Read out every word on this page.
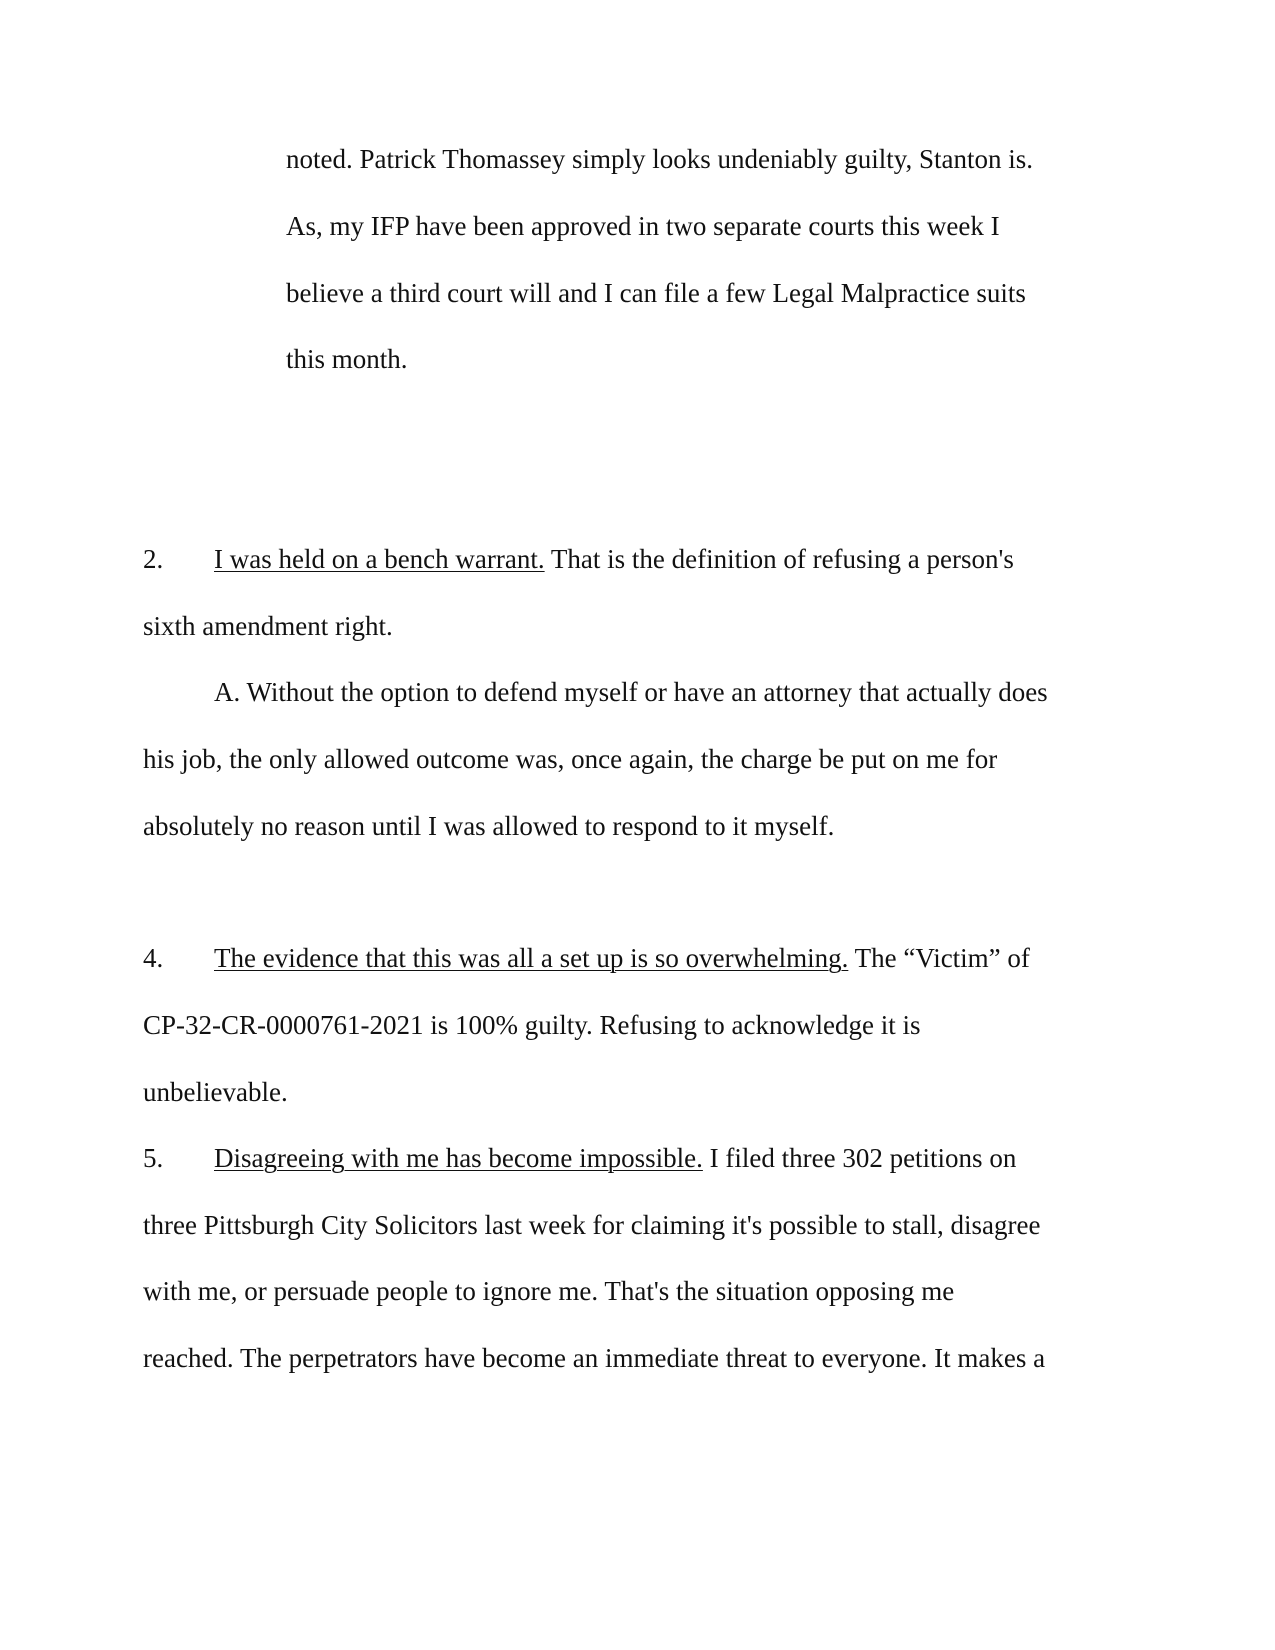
noted. Patrick Thomassey simply looks undeniably guilty, Stanton is.

As, my IFP have been approved in two separate courts this week I

believe a third court will and I can file a few Legal Malpractice suits

this month.

2. I was held on a bench warrant. That is the definition of refusing a person's

sixth amendment right.

A. Without the option to defend myself or have an attorney that actually does

his job, the only allowed outcome was, once again, the charge be put on me for

absolutely no reason until I was allowed to respond to it myself.

4. The evidence that this was all a set up is so overwhelming. The “Victim” of

CP-32-CR-0000761-2021 is 100% guilty. Refusing to acknowledge it is

unbelievable.

5. Disagreeing with me has become impossible. I filed three 302 petitions on

three Pittsburgh City Solicitors last week for claiming it's possible to stall, disagree

with me, or persuade people to ignore me. That's the situation opposing me

reached. The perpetrators have become an immediate threat to everyone. It makes a
